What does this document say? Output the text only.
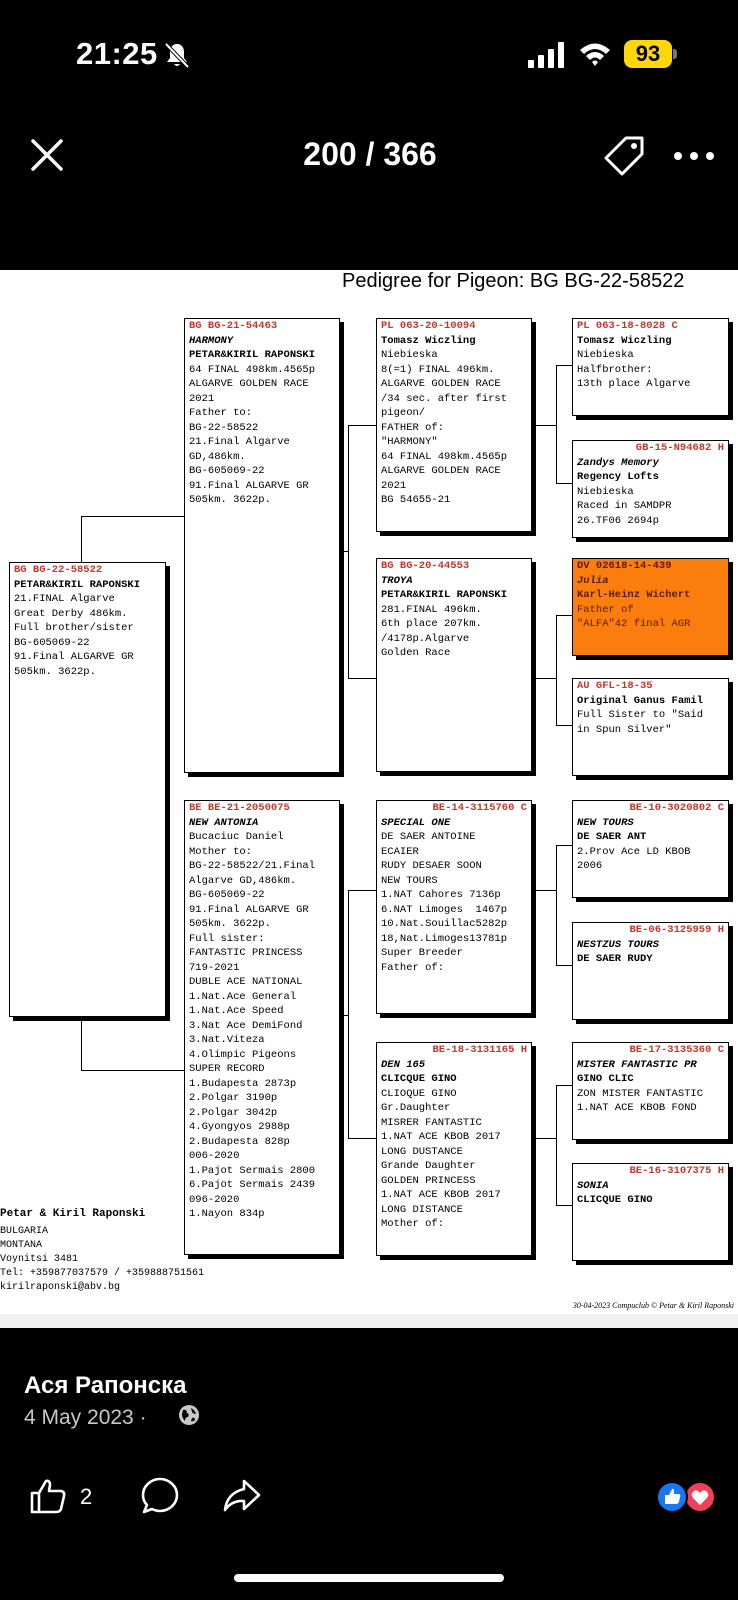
21:25	93
200 / 366
Pedigree for Pigeon: BG BG-22-58522
BG BG-22-58522
PETAR&KIRIL RAPONSKI
21.FINAL Algarve
Great Derby 486km.
Full brother/sister
BG-605069-22
91.Final ALGARVE GR
505km. 3622p.
BG BG-21-54463
HARMONY
PETAR&KIRIL RAPONSKI
64 FINAL 498km.4565p
ALGARVE GOLDEN RACE
2021
Father to:
BG-22-58522
21.Final Algarve
GD,486km.
BG-605069-22
91.Final ALGARVE GR
505km. 3622p.
BE BE-21-2050075
NEW ANTONIA
Bucaciuc Daniel
Mother to:
BG-22-58522/21.Final
Algarve GD,486km.
BG-605069-22
91.Final ALGARVE GR
505km. 3622p.
Full sister:
FANTASTIC PRINCESS
719-2021
DUBLE ACE NATIONAL
1.Nat.Ace General
1.Nat.Ace Speed
3.Nat Ace DemiFond
3.Nat.Viteza
4.Olimpic Pigeons
SUPER RECORD
1.Budapesta 2873p
2.Polgar 3190p
2.Polgar 3042p
4.Gyongyos 2988p
2.Budapesta 828p
006-2020
1.Pajot Sermais 2800
6.Pajot Sermais 2439
096-2020
1.Nayon 834p
PL 063-20-10094
Tomasz Wiczling
Niebieska
8(=1) FINAL 496km.
ALGARVE GOLDEN RACE
/34 sec. after first
pigeon/
FATHER of:
"HARMONY"
64 FINAL 498km.4565p
ALGARVE GOLDEN RACE
2021
BG 54655-21
BG BG-20-44553
TROYA
PETAR&KIRIL RAPONSKI
281.FINAL 496km.
6th place 207km.
/4178p.Algarve
Golden Race
BE-14-3115760 C
SPECIAL ONE
DE SAER ANTOINE
ECAIER
RUDY DESAER SOON
NEW TOURS
1.NAT Cahores 7136p
6.NAT Limoges  1467p
10.Nat.Souillac5282p
18,Nat.Limoges13781p
Super Breeder
Father of:
BE-18-3131165 H
DEN 165
CLICQUE GINO
CLIOQUE GINO
Gr.Daughter
MISRER FANTASTIC
1.NAT ACE KBOB 2017
LONG DUSTANCE
Grande Daughter
GOLDEN PRINCESS
1.NAT ACE KBOB 2017
LONG DISTANCE
Mother of:
PL 063-18-8028 C
Tomasz Wiczling
Niebieska
Halfbrother:
13th place Algarve
GB-15-N94682 H
Zandys Memory
Regency Lofts
Niebieska
Raced in SAMDPR
26.TF06 2694p
DV 02618-14-439
Julia
Karl-Heinz Wichert
Father of
"ALFA"42 final AGR
AU GFL-18-35
Original Ganus Famil
Full Sister to "Said
in Spun Silver"
BE-10-3020802 C
NEW TOURS
DE SAER ANT
2.Prov Ace LD KBOB
2006
BE-06-3125959 H
NESTZUS TOURS
DE SAER RUDY
BE-17-3135360 C
MISTER FANTASTIC PR
GINO CLIC
ZON MISTER FANTASTIC
1.NAT ACE KBOB FOND
BE-16-3107375 H
SONIA
CLICQUE GINO
Petar & Kiril Raponski
BULGARIA
MONTANA
Voynitsi 3481
Tel: +359877037579 / +359888751561
kirilraponski@abv.bg
30-04-2023 Compuclub © Petar & Kiril Raponski
Ася Рапонска
4 May 2023 ·
2
